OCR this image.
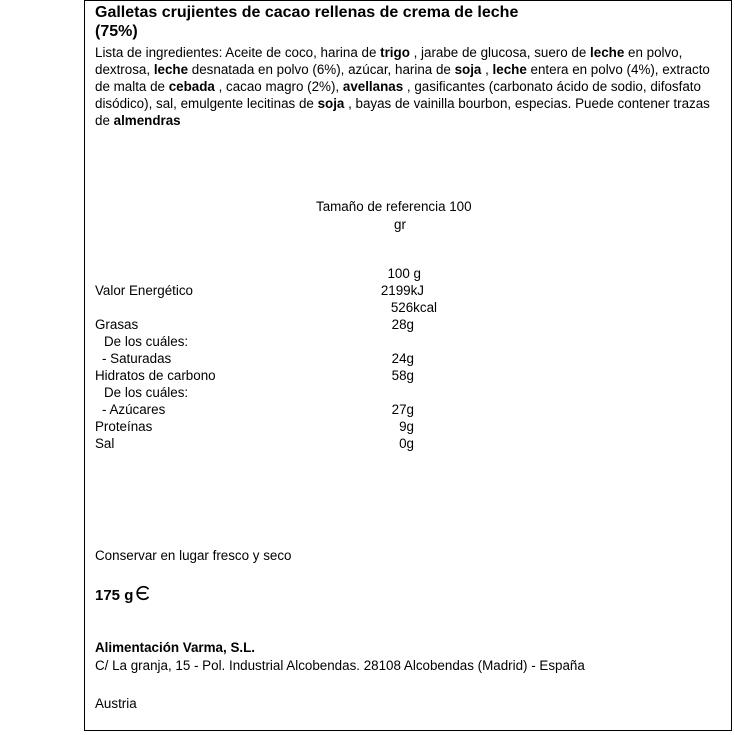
Galletas crujientes de cacao rellenas de crema de leche
(75%)
Lista de ingredientes: Aceite de coco, harina de trigo , jarabe de glucosa, suero de leche en polvo, dextrosa, leche desnatada en polvo (6%), azúcar, harina de soja , leche entera en polvo (4%), extracto de malta de cebada , cacao magro (2%), avellanas , gasificantes (carbonato ácido de sodio, difosfato disódico), sal, emulgente lecitinas de soja , bayas de vainilla bourbon, especias. Puede contener trazas de almendras
Tamaño de referencia 100
gr
100 g
Valor Energético	2199kJ
526kcal
Grasas	28g
De los cuáles:
- Saturadas	24g
Hidratos de carbono	58g
De los cuáles:
- Azúcares	27g
Proteínas	9g
Sal	0g
Conservar en lugar fresco y seco
175 g
Alimentación Varma, S.L.
C/ La granja, 15 - Pol. Industrial Alcobendas. 28108 Alcobendas (Madrid) - España
Austria
